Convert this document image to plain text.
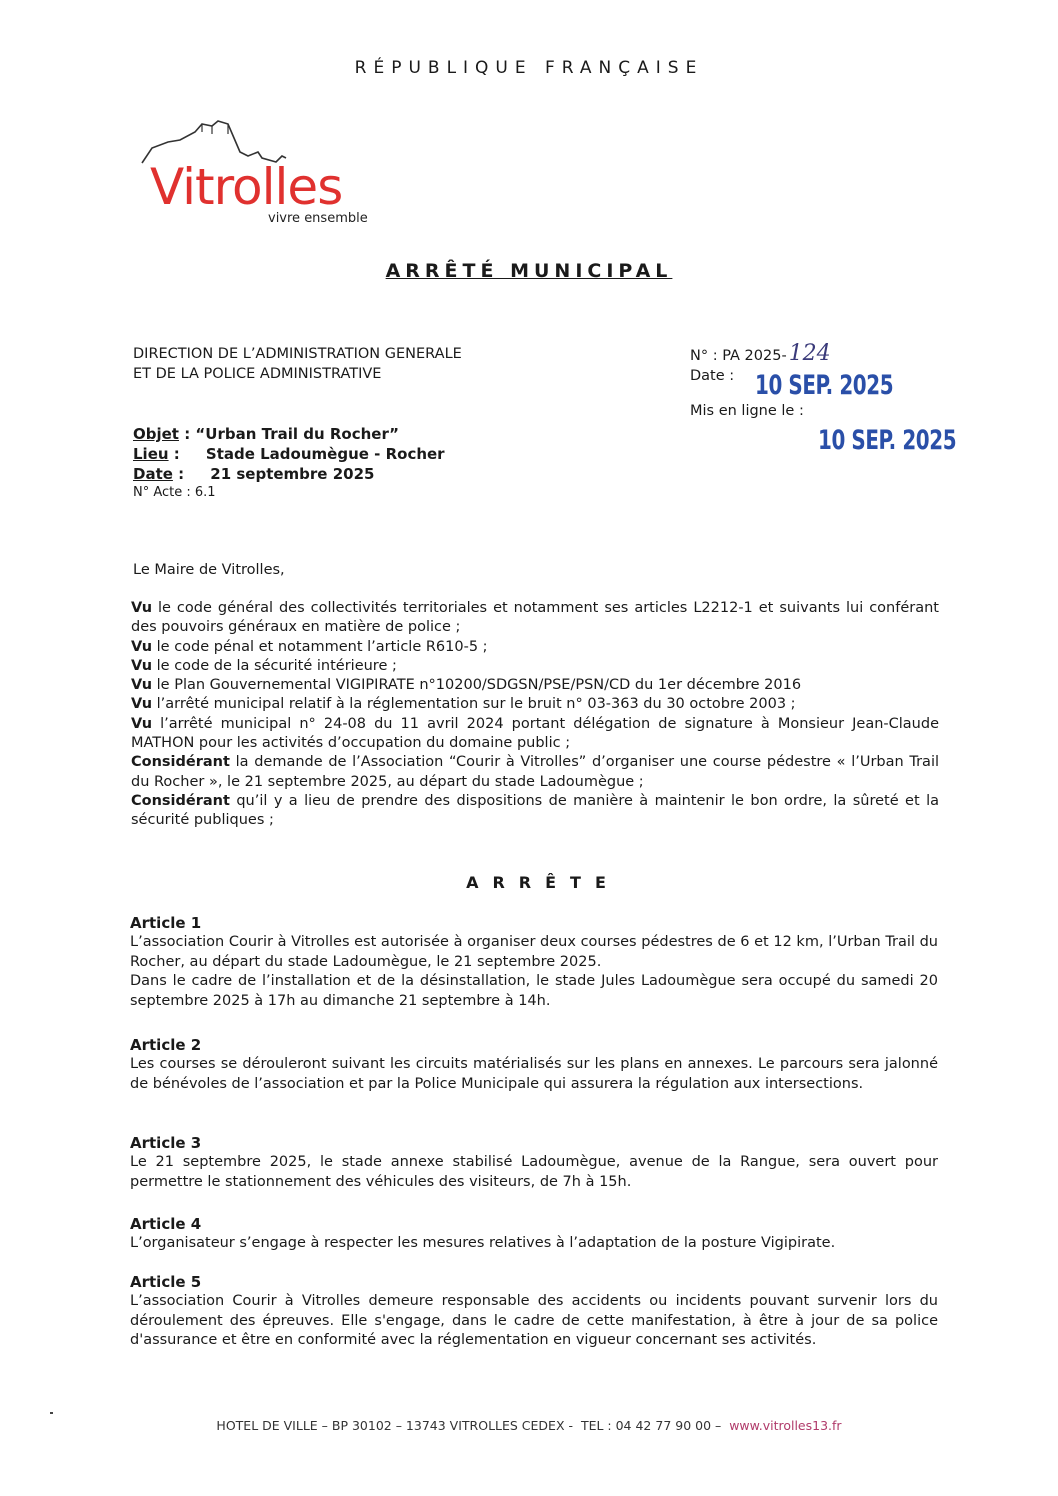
RÉPUBLIQUE FRANÇAISE
Vitrolles
vivre ensemble
ARRÊTÉ MUNICIPAL
DIRECTION DE L’ADMINISTRATION GENERALE
ET DE LA POLICE ADMINISTRATIVE
N° : PA 2025-124
Date : 10 SEP. 2025
Mis en ligne le :
10 SEP. 2025
Objet : “Urban Trail du Rocher”
Lieu :     Stade Ladoumègue - Rocher
Date :     21 septembre 2025
N° Acte : 6.1
Le Maire de Vitrolles,

Vu le code général des collectivités territoriales et notamment ses articles L2212-1 et suivants lui conférant des pouvoirs généraux en matière de police ;

Vu le code pénal et notamment l’article R610-5 ;

Vu le code de la sécurité intérieure ;

Vu le Plan Gouvernemental VIGIPIRATE n°10200/SDGSN/PSE/PSN/CD du 1er décembre 2016

Vu l’arrêté municipal relatif à la réglementation sur le bruit n° 03-363 du 30 octobre 2003 ;

Vu l’arrêté municipal n° 24-08 du 11 avril 2024 portant délégation de signature à Monsieur Jean-Claude MATHON pour les activités d’occupation du domaine public ;

Considérant la demande de l’Association “Courir à Vitrolles” d’organiser une course pédestre « l’Urban Trail du Rocher », le 21 septembre 2025, au départ du stade Ladoumègue ;

Considérant qu’il y a lieu de prendre des dispositions de manière à maintenir le bon ordre, la sûreté et la sécurité publiques ;

ARRÊTE
Article 1

L’association Courir à Vitrolles est autorisée à organiser deux courses pédestres de 6 et 12 km, l’Urban Trail du Rocher, au départ du stade Ladoumègue, le 21 septembre 2025.

Dans le cadre de l’installation et de la désinstallation, le stade Jules Ladoumègue sera occupé du samedi 20 septembre 2025 à 17h au dimanche 21 septembre à 14h.

Article 2

Les courses se dérouleront suivant les circuits matérialisés sur les plans en annexes. Le parcours sera jalonné de bénévoles de l’association et par la Police Municipale qui assurera la régulation aux intersections.

Article 3

Le 21 septembre 2025, le stade annexe stabilisé Ladoumègue, avenue de la Rangue, sera ouvert pour permettre le stationnement des véhicules des visiteurs, de 7h à 15h.

Article 4

L’organisateur s’engage à respecter les mesures relatives à l’adaptation de la posture Vigipirate.

Article 5

L’association Courir à Vitrolles demeure responsable des accidents ou incidents pouvant survenir lors du déroulement des épreuves. Elle s'engage, dans le cadre de cette manifestation, à être à jour de sa police d'assurance et être en conformité avec la réglementation en vigueur concernant ses activités.

HOTEL DE VILLE – BP 30102 – 13743 VITROLLES CEDEX -  TEL : 04 42 77 90 00 –  www.vitrolles13.fr
